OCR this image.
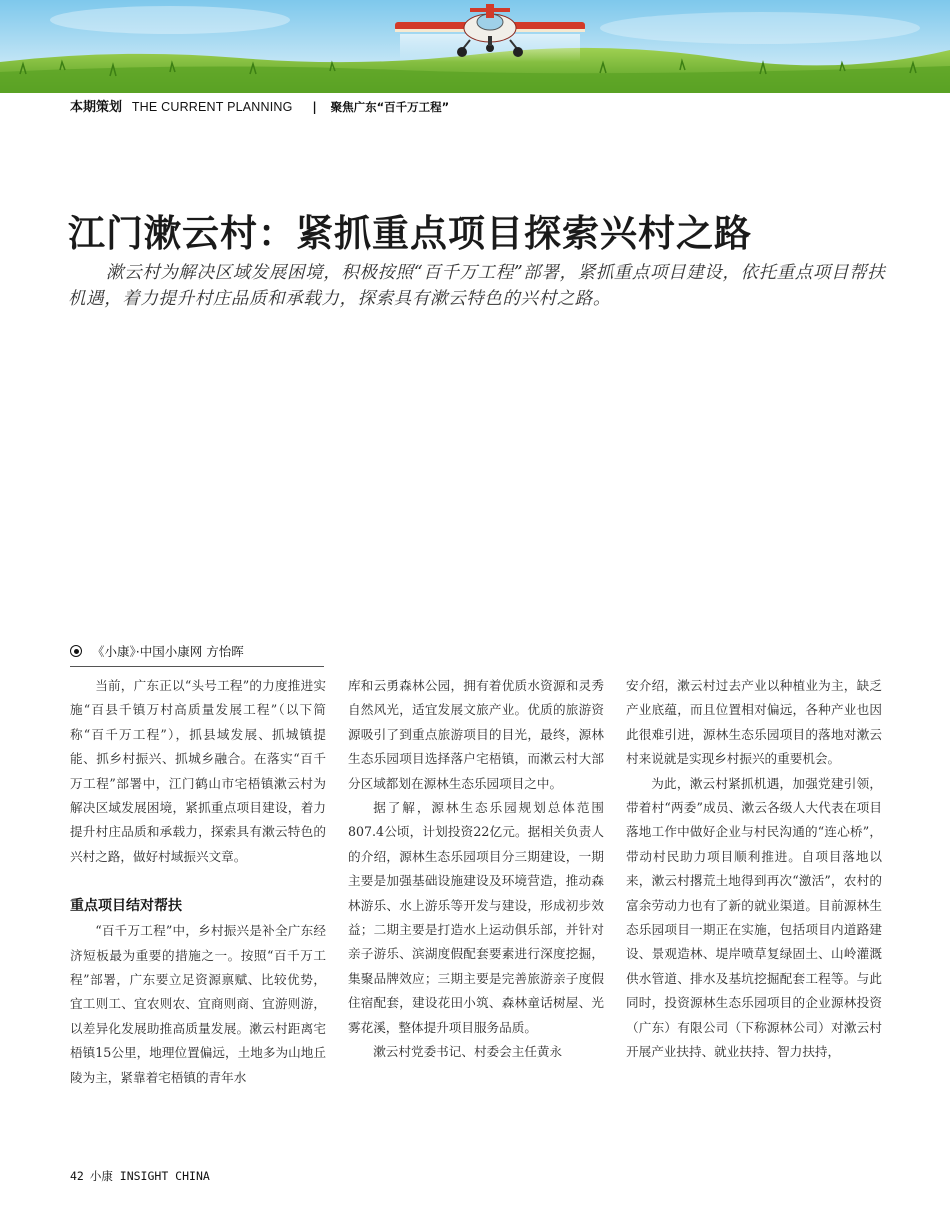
本期策划 THE CURRENT PLANNING | 聚焦广东“百千万工程”
江门漱云村：紧抓重点项目探索兴村之路

漱云村为解决区域发展困境，积极按照“百千万工程”部署，紧抓重点项目建设，依托重点项目帮扶机遇，着力提升村庄品质和承载力，探索具有漱云特色的兴村之路。

《小康》·中国小康网 方怡晖

当前，广东正以“头号工程”的力度推进实施“百县千镇万村高质量发展工程”（以下简称“百千万工程”），抓县域发展、抓城镇提能、抓乡村振兴、抓城乡融合。在落实“百千万工程”部署中，江门鹤山市宅梧镇漱云村为解决区域发展困境，紧抓重点项目建设，着力提升村庄品质和承载力，探索具有漱云特色的兴村之路，做好村域振兴文章。

重点项目结对帮扶

“百千万工程”中，乡村振兴是补全广东经济短板最为重要的措施之一。按照“百千万工程”部署，广东要立足资源禀赋、比较优势，宜工则工、宜农则农、宜商则商、宜游则游，以差异化发展助推高质量发展。漱云村距离宅梧镇15公里，地理位置偏远，土地多为山地丘陵为主，紧靠着宅梧镇的青年水

库和云勇森林公园，拥有着优质水资源和灵秀自然风光，适宜发展文旅产业。优质的旅游资源吸引了到重点旅游项目的目光，最终，源林生态乐园项目选择落户宅梧镇，而漱云村大部分区域都划在源林生态乐园项目之中。

据了解，源林生态乐园规划总体范围807.4公顷，计划投资22亿元。据相关负责人的介绍，源林生态乐园项目分三期建设，一期主要是加强基础设施建设及环境营造，推动森林游乐、水上游乐等开发与建设，形成初步效益；二期主要是打造水上运动俱乐部，并针对亲子游乐、滨湖度假配套要素进行深度挖掘，集聚品牌效应；三期主要是完善旅游亲子度假住宿配套，建设花田小筑、森林童话树屋、光雾花溪，整体提升项目服务品质。

漱云村党委书记、村委会主任黄永

安介绍，漱云村过去产业以种植业为主，缺乏产业底蕴，而且位置相对偏远，各种产业也因此很难引进，源林生态乐园项目的落地对漱云村来说就是实现乡村振兴的重要机会。

为此，漱云村紧抓机遇，加强党建引领，带着村“两委”成员、漱云各级人大代表在项目落地工作中做好企业与村民沟通的“连心桥”，带动村民助力项目顺利推进。自项目落地以来，漱云村撂荒土地得到再次“激活”，农村的富余劳动力也有了新的就业渠道。目前源林生态乐园项目一期正在实施，包括项目内道路建设、景观造林、堤岸喷草复绿固土、山岭灌溉供水管道、排水及基坑挖掘配套工程等。与此同时，投资源林生态乐园项目的企业源林投资（广东）有限公司（下称源林公司）对漱云村开展产业扶持、就业扶持、智力扶持，

42 小康 INSIGHT CHINA
